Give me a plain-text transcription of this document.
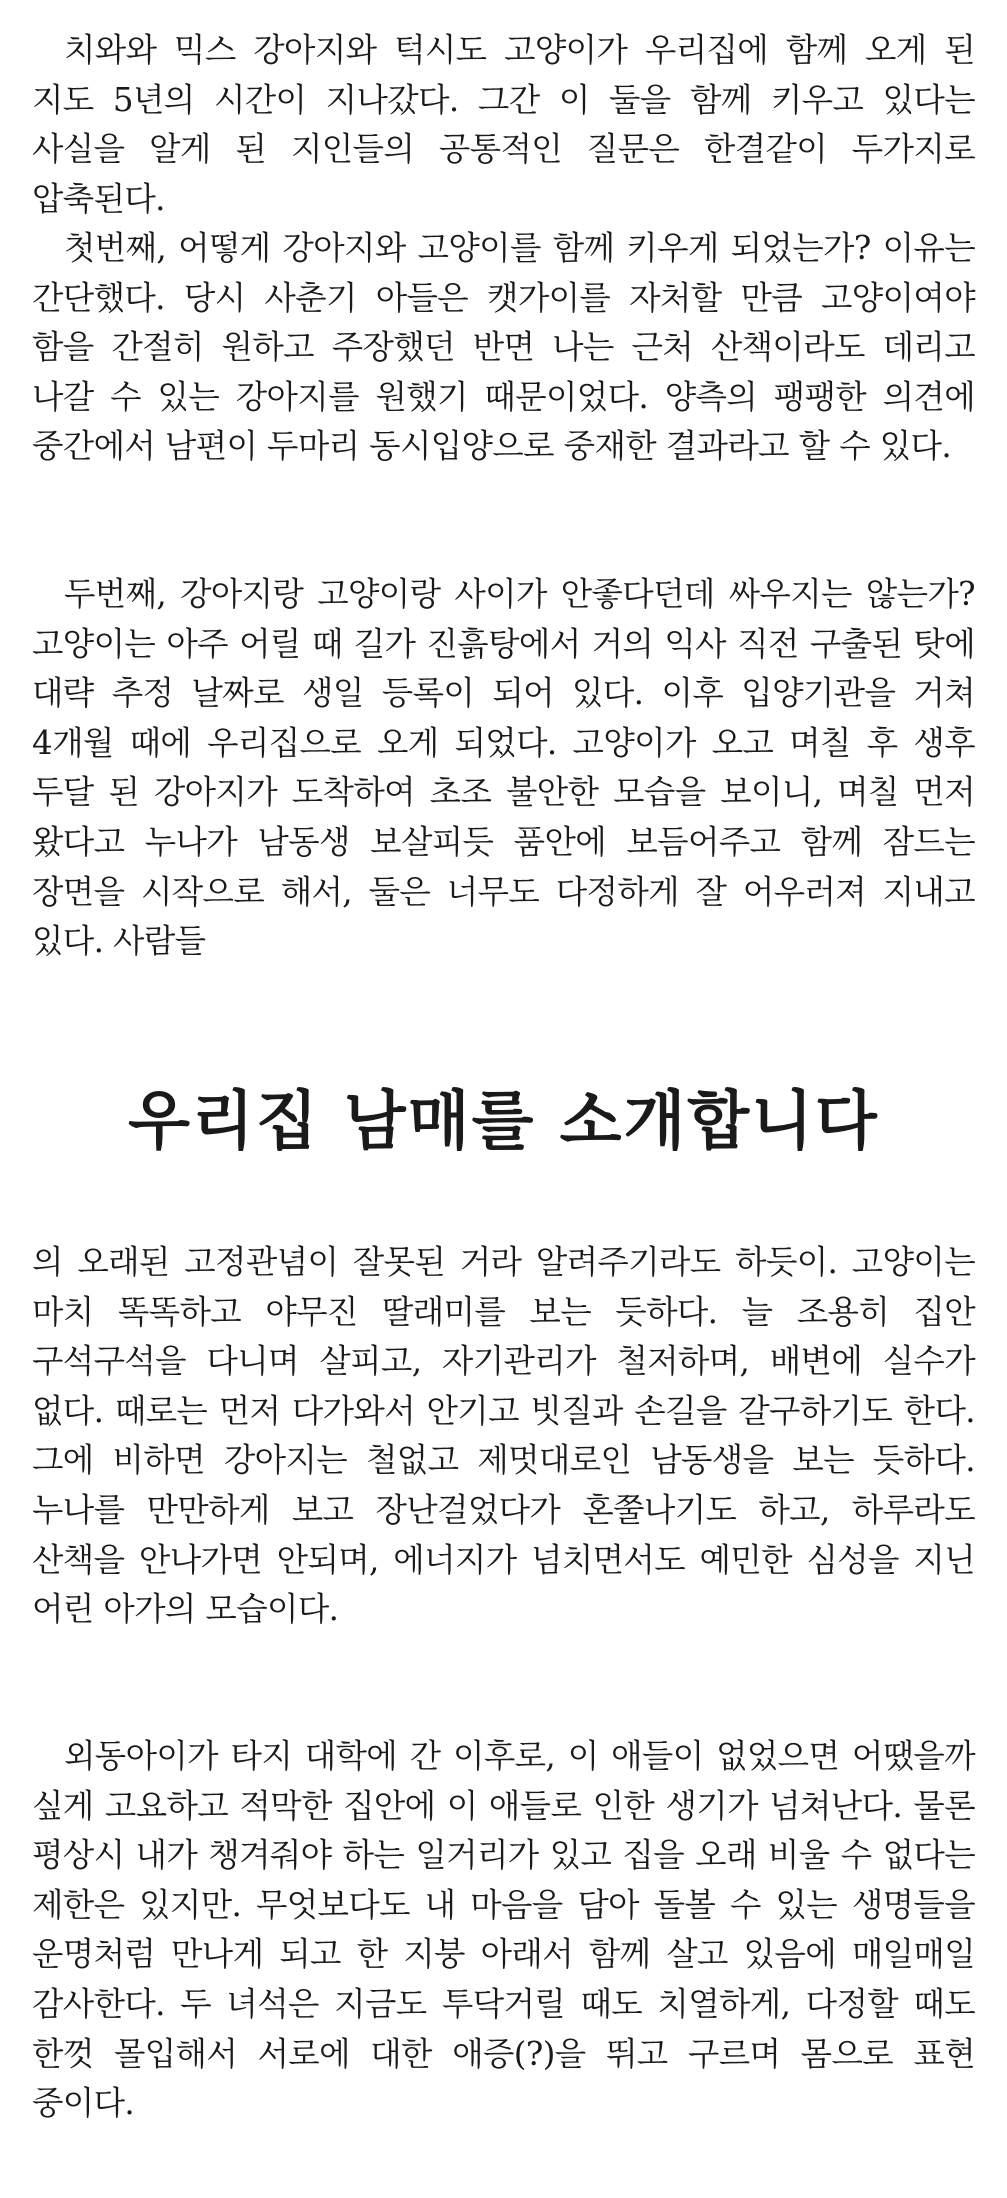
치와와 믹스 강아지와 턱시도 고양이가 우리집에 함께 오게 된 지도 5년의 시간이 지나갔다. 그간 이 둘을 함께 키우고 있다는 사실을 알게 된 지인들의 공통적인 질문은 한결같이 두가지로 압축된다.

첫번째, 어떻게 강아지와 고양이를 함께 키우게 되었는가? 이유는 간단했다. 당시 사춘기 아들은 캣가이를 자처할 만큼 고양이여야 함을 간절히 원하고 주장했던 반면 나는 근처 산책이라도 데리고 나갈 수 있는 강아지를 원했기 때문이었다. 양측의 팽팽한 의견에 중간에서 남편이 두마리 동시입양으로 중재한 결과라고 할 수 있다.

두번째, 강아지랑 고양이랑 사이가 안좋다던데 싸우지는 않는가? 고양이는 아주 어릴 때 길가 진흙탕에서 거의 익사 직전 구출된 탓에 대략 추정 날짜로 생일 등록이 되어 있다. 이후 입양기관을 거쳐 4개월 때에 우리집으로 오게 되었다. 고양이가 오고 며칠 후 생후 두달 된 강아지가 도착하여 초조 불안한 모습을 보이니, 며칠 먼저 왔다고 누나가 남동생 보살피듯 품안에 보듬어주고 함께 잠드는 장면을 시작으로 해서, 둘은 너무도 다정하게 잘 어우러져 지내고 있다. 사람들

우리집 남매를 소개합니다

의 오래된 고정관념이 잘못된 거라 알려주기라도 하듯이. 고양이는 마치 똑똑하고 야무진 딸래미를 보는 듯하다. 늘 조용히 집안 구석구석을 다니며 살피고, 자기관리가 철저하며, 배변에 실수가 없다. 때로는 먼저 다가와서 안기고 빗질과 손길을 갈구하기도 한다. 그에 비하면 강아지는 철없고 제멋대로인 남동생을 보는 듯하다. 누나를 만만하게 보고 장난걸었다가 혼쭐나기도 하고, 하루라도 산책을 안나가면 안되며, 에너지가 넘치면서도 예민한 심성을 지닌 어린 아가의 모습이다.

외동아이가 타지 대학에 간 이후로, 이 애들이 없었으면 어땠을까 싶게 고요하고 적막한 집안에 이 애들로 인한 생기가 넘쳐난다. 물론 평상시 내가 챙겨줘야 하는 일거리가 있고 집을 오래 비울 수 없다는 제한은 있지만. 무엇보다도 내 마음을 담아 돌볼 수 있는 생명들을 운명처럼 만나게 되고 한 지붕 아래서 함께 살고 있음에 매일매일 감사한다. 두 녀석은 지금도 투닥거릴 때도 치열하게, 다정할 때도 한껏 몰입해서 서로에 대한 애증(?)을 뛰고 구르며 몸으로 표현 중이다.
